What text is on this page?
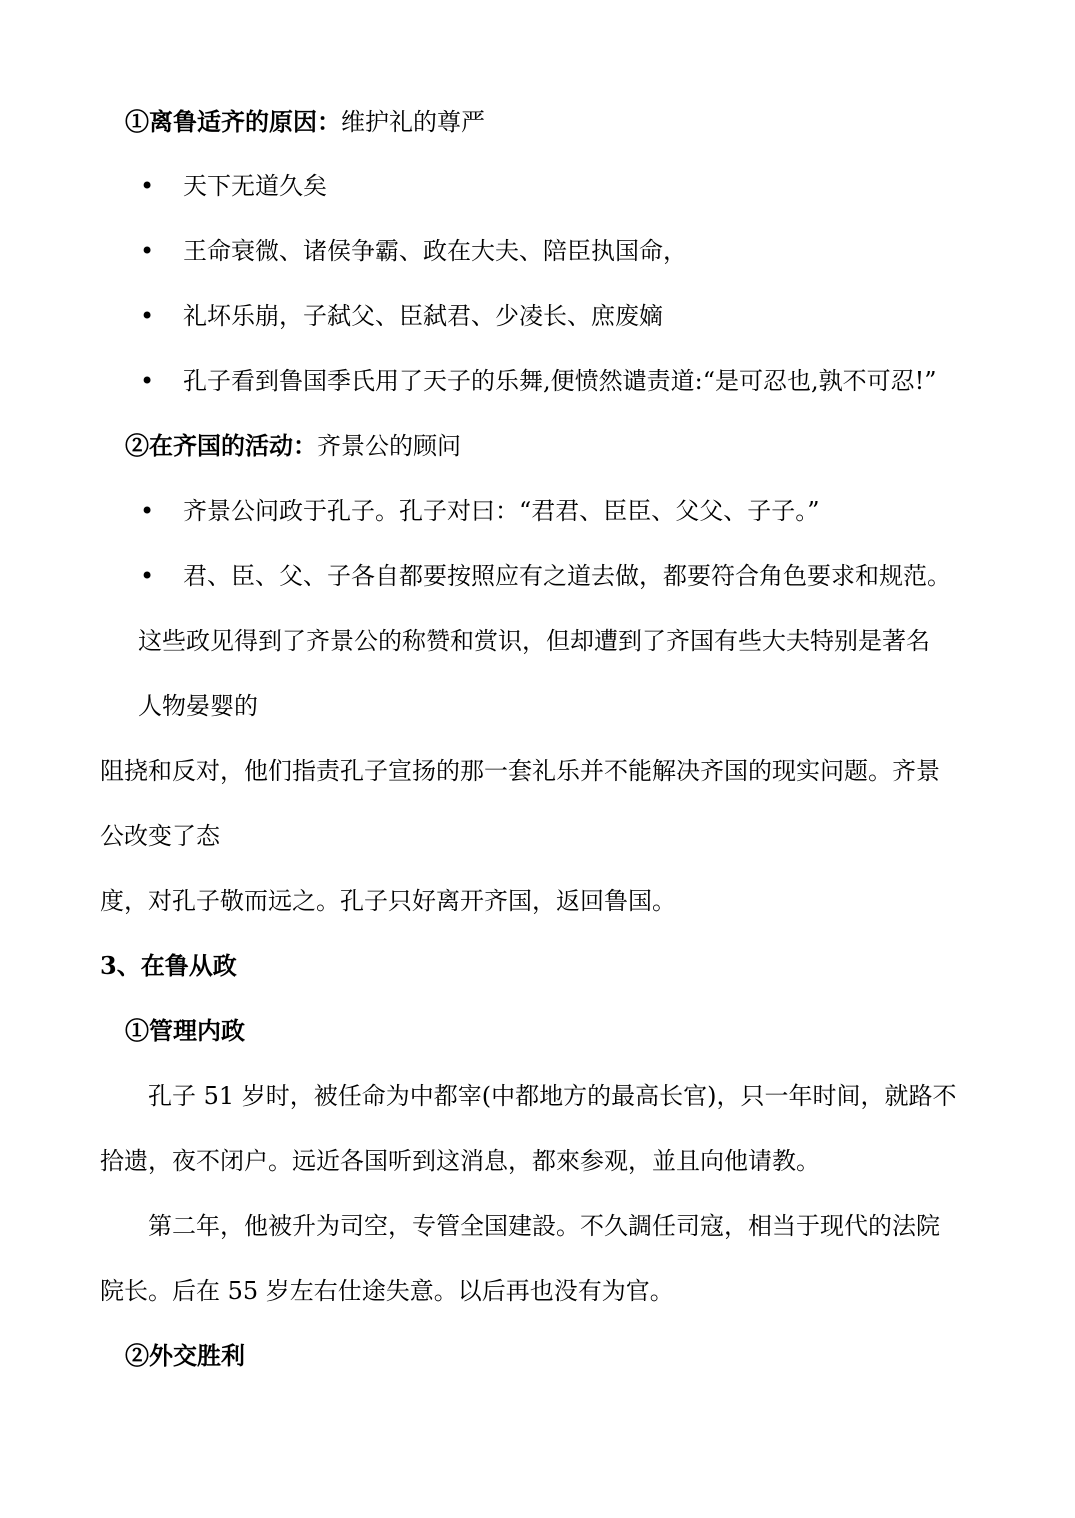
①离鲁适齐的原因：维护礼的尊严
• 天下无道久矣
• 王命衰微、诸侯争霸、政在大夫、陪臣执国命，
• 礼坏乐崩，子弑父、臣弑君、少凌长、庶废嫡
• 孔子看到鲁国季氏用了天子的乐舞,便愤然谴责道:“是可忍也,孰不可忍!”
②在齐国的活动：齐景公的顾问
• 齐景公问政于孔子。孔子对曰：“君君、臣臣、父父、子子。”
• 君、臣、父、子各自都要按照应有之道去做，都要符合角色要求和规范。
这些政见得到了齐景公的称赞和赏识，但却遭到了齐国有些大夫特别是著名
人物晏婴的
阻挠和反对，他们指责孔子宣扬的那一套礼乐并不能解决齐国的现实问题。齐景
公改变了态
度，对孔子敬而远之。孔子只好离开齐国，返回鲁国。
3、在鲁从政
①管理内政
孔子 51 岁时，被任命为中都宰(中都地方的最高长官)，只一年时间，就路不
拾遗，夜不闭户。远近各国听到这消息，都來参观，並且向他请教。
第二年，他被升为司空，专管全国建設。不久調任司寇，相当于现代的法院
院长。后在 55 岁左右仕途失意。以后再也没有为官。
②外交胜利
